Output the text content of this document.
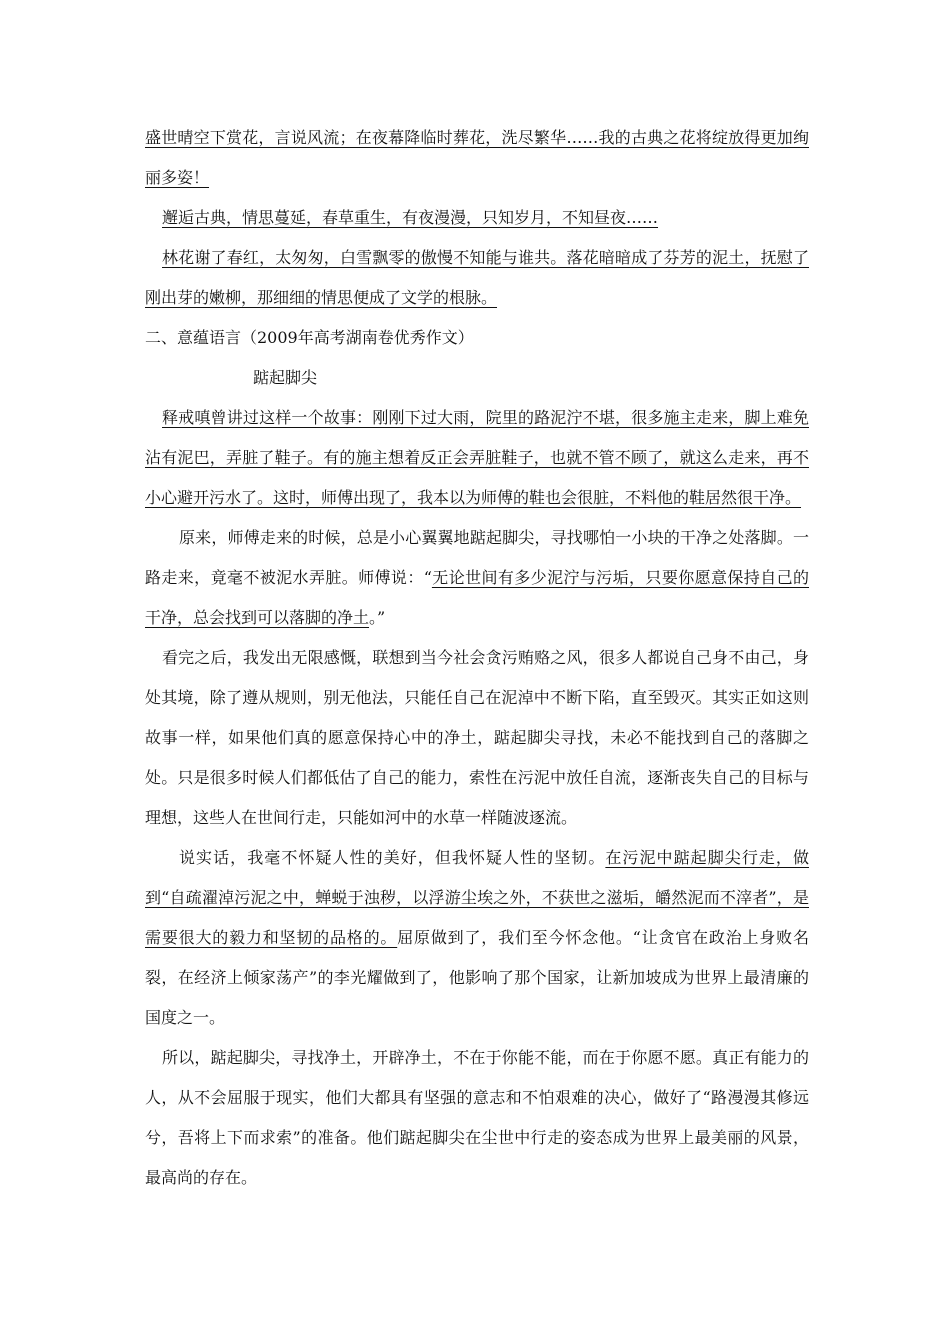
盛世晴空下赏花，言说风流；在夜幕降临时葬花，洗尽繁华……我的古典之花将绽放得更加绚丽多姿！

邂逅古典，情思蔓延，春草重生，有夜漫漫，只知岁月，不知昼夜……

林花谢了春红，太匆匆，白雪飘零的傲慢不知能与谁共。落花暗暗成了芬芳的泥土，抚慰了刚出芽的嫩柳，那细细的情思便成了文学的根脉。

二、意蕴语言（2009年高考湖南卷优秀作文）

踮起脚尖

释戒嗔曾讲过这样一个故事：刚刚下过大雨，院里的路泥泞不堪，很多施主走来，脚上难免沾有泥巴，弄脏了鞋子。有的施主想着反正会弄脏鞋子，也就不管不顾了，就这么走来，再不小心避开污水了。这时，师傅出现了，我本以为师傅的鞋也会很脏，不料他的鞋居然很干净。

原来，师傅走来的时候，总是小心翼翼地踮起脚尖，寻找哪怕一小块的干净之处落脚。一路走来，竟毫不被泥水弄脏。师傅说：“无论世间有多少泥泞与污垢，只要你愿意保持自己的干净，总会找到可以落脚的净土。”

看完之后，我发出无限感慨，联想到当今社会贪污贿赂之风，很多人都说自己身不由己，身处其境，除了遵从规则，别无他法，只能任自己在泥淖中不断下陷，直至毁灭。其实正如这则故事一样，如果他们真的愿意保持心中的净土，踮起脚尖寻找，未必不能找到自己的落脚之处。只是很多时候人们都低估了自己的能力，索性在污泥中放任自流，逐渐丧失自己的目标与理想，这些人在世间行走，只能如河中的水草一样随波逐流。

说实话，我毫不怀疑人性的美好，但我怀疑人性的坚韧。在污泥中踮起脚尖行走，做到“自疏濯淖污泥之中，蝉蜕于浊秽，以浮游尘埃之外，不获世之滋垢，皭然泥而不滓者”，是需要很大的毅力和坚韧的品格的。屈原做到了，我们至今怀念他。“让贪官在政治上身败名裂，在经济上倾家荡产”的李光耀做到了，他影响了那个国家，让新加坡成为世界上最清廉的国度之一。

所以，踮起脚尖，寻找净土，开辟净土，不在于你能不能，而在于你愿不愿。真正有能力的人，从不会屈服于现实，他们大都具有坚强的意志和不怕艰难的决心，做好了“路漫漫其修远兮，吾将上下而求索”的准备。他们踮起脚尖在尘世中行走的姿态成为世界上最美丽的风景，最高尚的存在。
